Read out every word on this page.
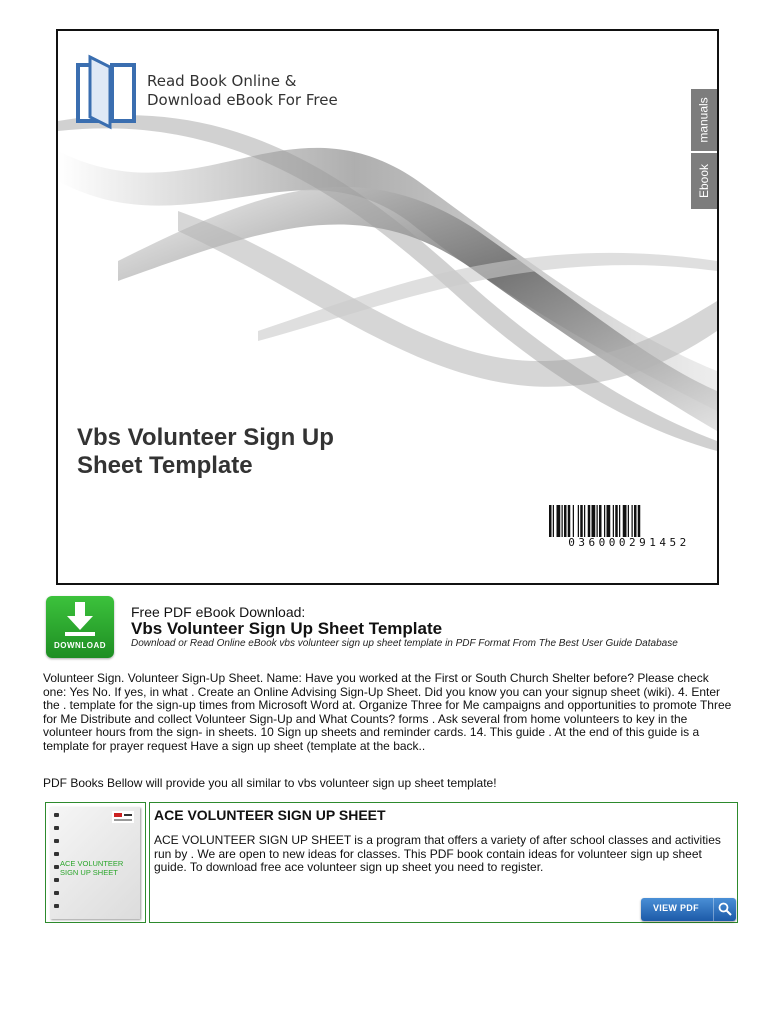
Read Book Online &
Download eBook For Free	manuals
Ebook
Vbs Volunteer Sign Up
Sheet Template
036000291452
DOWNLOAD
Free PDF eBook Download:
Vbs Volunteer Sign Up Sheet Template
Download or Read Online eBook vbs volunteer sign up sheet template in PDF Format From The Best User Guide Database
Volunteer Sign. Volunteer Sign-Up Sheet. Name: Have you worked at the First or South Church Shelter before? Please check one: Yes No. If yes, in what . Create an Online Advising Sign-Up Sheet. Did you know you can your signup sheet (wiki). 4. Enter the . template for the sign-up times from Microsoft Word at. Organize Three for Me campaigns and opportunities to promote Three for Me Distribute and collect Volunteer Sign-Up and What Counts? forms . Ask several from home volunteers to key in the volunteer hours from the sign- in sheets. 10 Sign up sheets and reminder cards. 14. This guide . At the end of this guide is a template for prayer request Have a sign up sheet (template at the back..
PDF Books Bellow will provide you all similar to vbs volunteer sign up sheet template!
ACE VOLUNTEER
SIGN UP SHEET
ACE VOLUNTEER SIGN UP SHEET
ACE VOLUNTEER SIGN UP SHEET is a program that offers a variety of after school classes and activities run by . We are open to new ideas for classes. This PDF book contain ideas for volunteer sign up sheet guide. To download free ace volunteer sign up sheet you need to register.
VIEW PDF
